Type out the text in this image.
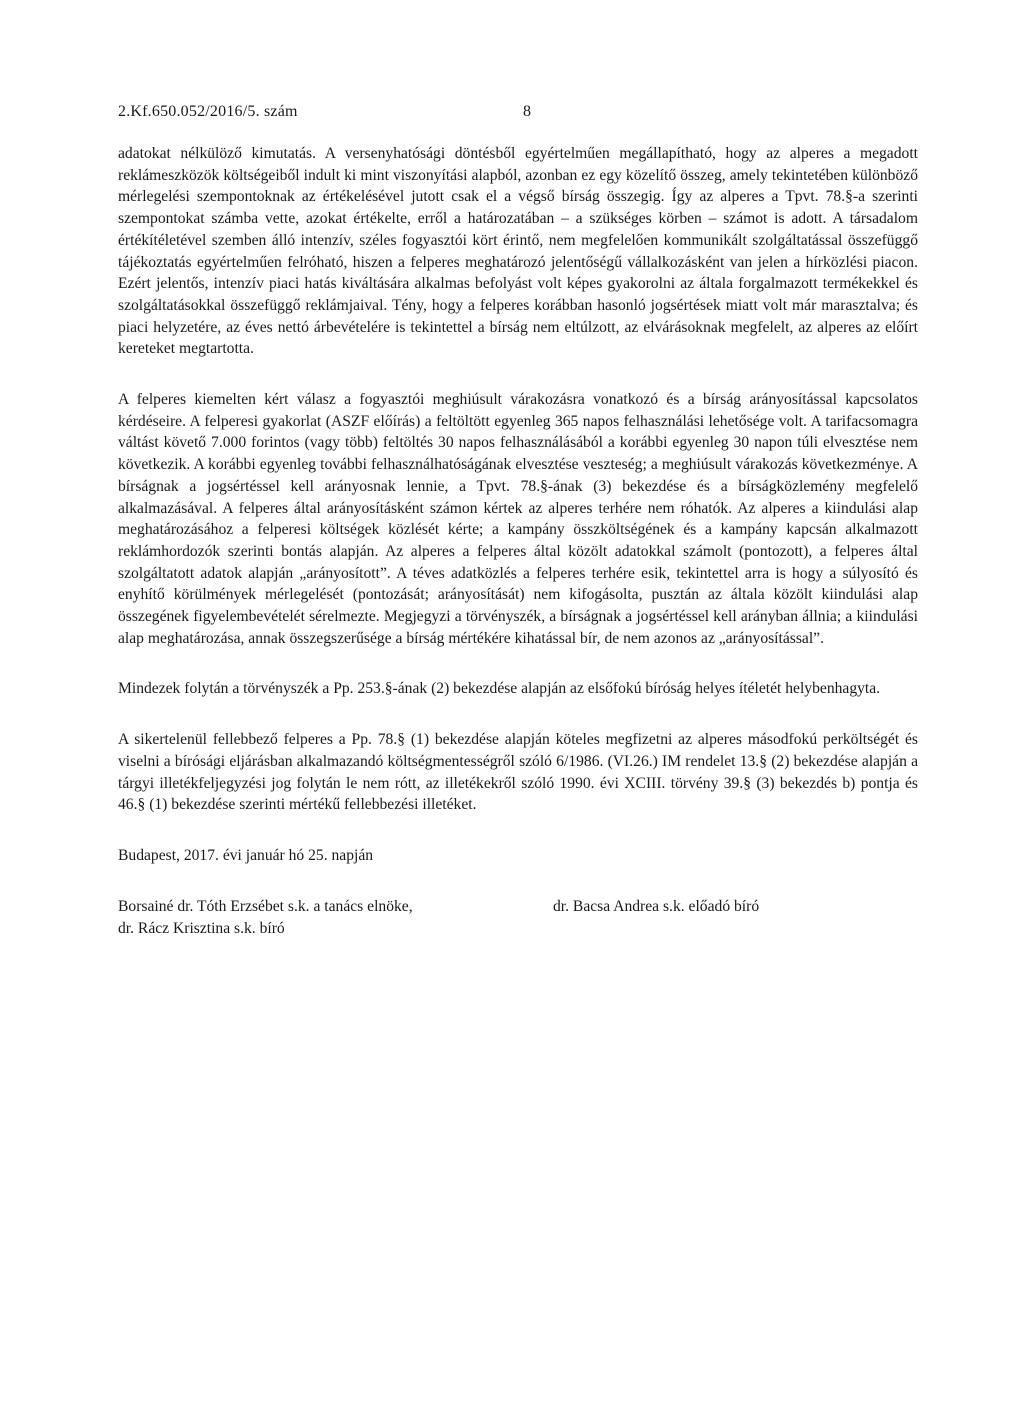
2.Kf.650.052/2016/5. szám	8

adatokat nélkülöző kimutatás. A versenyhatósági döntésből egyértelműen megállapítható, hogy az alperes a megadott reklámeszközök költségeiből indult ki mint viszonyítási alapból, azonban ez egy közelítő összeg, amely tekintetében különböző mérlegelési szempontoknak az értékelésével jutott csak el a végső bírság összegig. Így az alperes a Tpvt. 78.§-a szerinti szempontokat számba vette, azokat értékelte, erről a határozatában – a szükséges körben – számot is adott. A társadalom értékítéletével szemben álló intenzív, széles fogyasztói kört érintő, nem megfelelően kommunikált szolgáltatással összefüggő tájékoztatás egyértelműen felróható, hiszen a felperes meghatározó jelentőségű vállalkozásként van jelen a hírközlési piacon. Ezért jelentős, intenzív piaci hatás kiváltására alkalmas befolyást volt képes gyakorolni az általa forgalmazott termékekkel és szolgáltatásokkal összefüggő reklámjaival. Tény, hogy a felperes korábban hasonló jogsértések miatt volt már marasztalva; és piaci helyzetére, az éves nettó árbevételére is tekintettel a bírság nem eltúlzott, az elvárásoknak megfelelt, az alperes az előírt kereteket megtartotta.

A felperes kiemelten kért válasz a fogyasztói meghiúsult várakozásra vonatkozó és a bírság arányosítással kapcsolatos kérdéseire. A felperesi gyakorlat (ASZF előírás) a feltöltött egyenleg 365 napos felhasználási lehetősége volt. A tarifacsomagra váltást követő 7.000 forintos (vagy több) feltöltés 30 napos felhasználásából a korábbi egyenleg 30 napon túli elvesztése nem következik. A korábbi egyenleg további felhasználhatóságának elvesztése veszteség; a meghiúsult várakozás következménye. A bírságnak a jogsértéssel kell arányosnak lennie, a Tpvt. 78.§-ának (3) bekezdése és a bírságközlemény megfelelő alkalmazásával. A felperes által arányosításként számon kértek az alperes terhére nem róhatók. Az alperes a kiindulási alap meghatározásához a felperesi költségek közlését kérte; a kampány összköltségének és a kampány kapcsán alkalmazott reklámhordozók szerinti bontás alapján. Az alperes a felperes által közölt adatokkal számolt (pontozott), a felperes által szolgáltatott adatok alapján „arányosított”. A téves adatközlés a felperes terhére esik, tekintettel arra is hogy a súlyosító és enyhítő körülmények mérlegelését (pontozását; arányosítását) nem kifogásolta, pusztán az általa közölt kiindulási alap összegének figyelembevételét sérelmezte. Megjegyzi a törvényszék, a bírságnak a jogsértéssel kell arányban állnia; a kiindulási alap meghatározása, annak összegszerűsége a bírság mértékére kihatással bír, de nem azonos az „arányosítással”.

Mindezek folytán a törvényszék a Pp. 253.§-ának (2) bekezdése alapján az elsőfokú bíróság helyes ítéletét helybenhagyta.

A sikertelenül fellebbező felperes a Pp. 78.§ (1) bekezdése alapján köteles megfizetni az alperes másodfokú perköltségét és viselni a bírósági eljárásban alkalmazandó költségmentességről szóló 6/1986. (VI.26.) IM rendelet 13.§ (2) bekezdése alapján a tárgyi illetékfeljegyzési jog folytán le nem rótt, az illetékekről szóló 1990. évi XCIII. törvény 39.§ (3) bekezdés b) pontja és 46.§ (1) bekezdése szerinti mértékű fellebbezési illetéket.

Budapest, 2017. évi január hó 25. napján

Borsainé dr. Tóth Erzsébet s.k. a tanács elnöke,	dr. Bacsa Andrea s.k. előadó bíró
dr. Rácz Krisztina s.k. bíró
